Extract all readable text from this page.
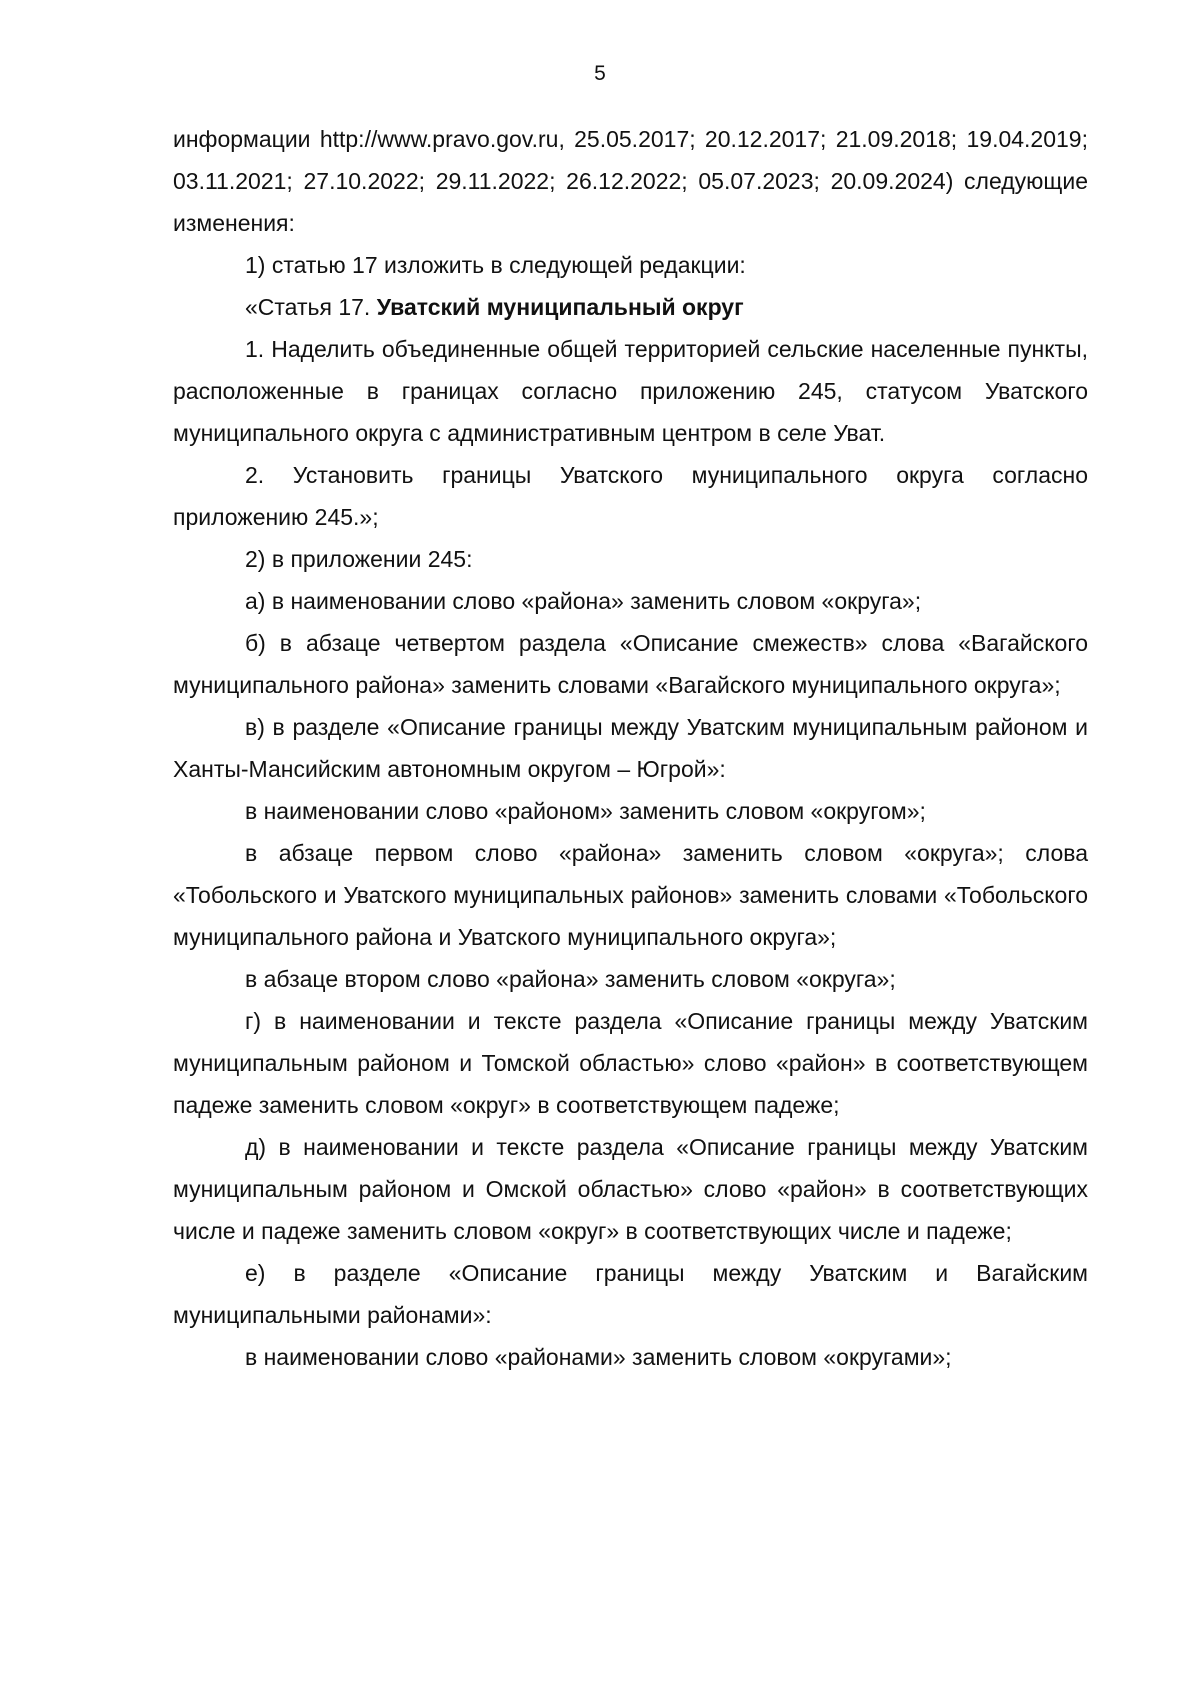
5

информации http://www.pravo.gov.ru, 25.05.2017; 20.12.2017; 21.09.2018; 19.04.2019; 03.11.2021; 27.10.2022; 29.11.2022; 26.12.2022; 05.07.2023; 20.09.2024) следующие изменения:

1) статью 17 изложить в следующей редакции:

«Статья 17. Уватский муниципальный округ

1. Наделить объединенные общей территорией сельские населенные пункты, расположенные в границах согласно приложению 245, статусом Уватского муниципального округа с административным центром в селе Уват.

2. Установить границы Уватского муниципального округа согласно приложению 245.»;

2) в приложении 245:

а) в наименовании слово «района» заменить словом «округа»;

б) в абзаце четвертом раздела «Описание смежеств» слова «Вагайского муниципального района» заменить словами «Вагайского муниципального округа»;

в) в разделе «Описание границы между Уватским муниципальным районом и Ханты-Мансийским автономным округом – Югрой»:

в наименовании слово «районом» заменить словом «округом»;

в абзаце первом слово «района» заменить словом «округа»; слова «Тобольского и Уватского муниципальных районов» заменить словами «Тобольского муниципального района и Уватского муниципального округа»;

в абзаце втором слово «района» заменить словом «округа»;

г) в наименовании и тексте раздела «Описание границы между Уватским муниципальным районом и Томской областью» слово «район» в соответствующем падеже заменить словом «округ» в соответствующем падеже;

д) в наименовании и тексте раздела «Описание границы между Уватским муниципальным районом и Омской областью» слово «район» в соответствующих числе и падеже заменить словом «округ» в соответствующих числе и падеже;

е) в разделе «Описание границы между Уватским и Вагайским муниципальными районами»:

в наименовании слово «районами» заменить словом «округами»;
